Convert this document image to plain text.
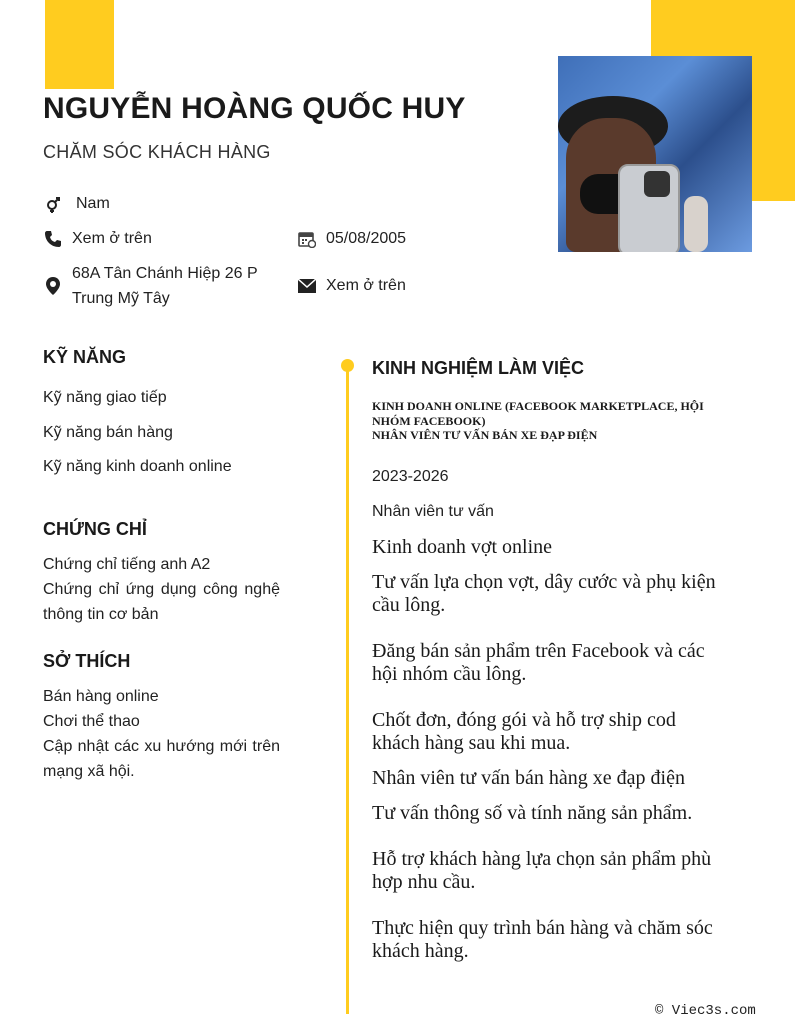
NGUYỄN HOÀNG QUỐC HUY
CHĂM SÓC KHÁCH HÀNG
Nam
Xem ở trên	05/08/2005
68A Tân Chánh Hiệp 26 P Trung Mỹ Tây
Xem ở trên
KỸ NĂNG
Kỹ năng giao tiếp
Kỹ năng bán hàng
Kỹ năng kinh doanh online
CHỨNG CHỈ
Chứng chỉ tiếng anh A2
Chứng chỉ ứng dụng công nghệ thông tin cơ bản
SỞ THÍCH
Bán hàng online
Chơi thể thao
Cập nhật các xu hướng mới trên mạng xã hội.
KINH NGHIỆM LÀM VIỆC
KINH DOANH ONLINE (FACEBOOK MARKETPLACE, HỘI NHÓM FACEBOOK)
NHÂN VIÊN TƯ VẤN BÁN XE ĐẠP ĐIỆN
2023-2026
Nhân viên tư vấn
Kinh doanh vợt online
Tư vấn lựa chọn vợt, dây cước và phụ kiện cầu lông.
Đăng bán sản phẩm trên Facebook và các hội nhóm cầu lông.
Chốt đơn, đóng gói và hỗ trợ ship cod khách hàng sau khi mua.
Nhân viên tư vấn bán hàng xe đạp điện
Tư vấn thông số và tính năng sản phẩm.
Hỗ trợ khách hàng lựa chọn sản phẩm phù hợp nhu cầu.
Thực hiện quy trình bán hàng và chăm sóc khách hàng.
© Viec3s.com
